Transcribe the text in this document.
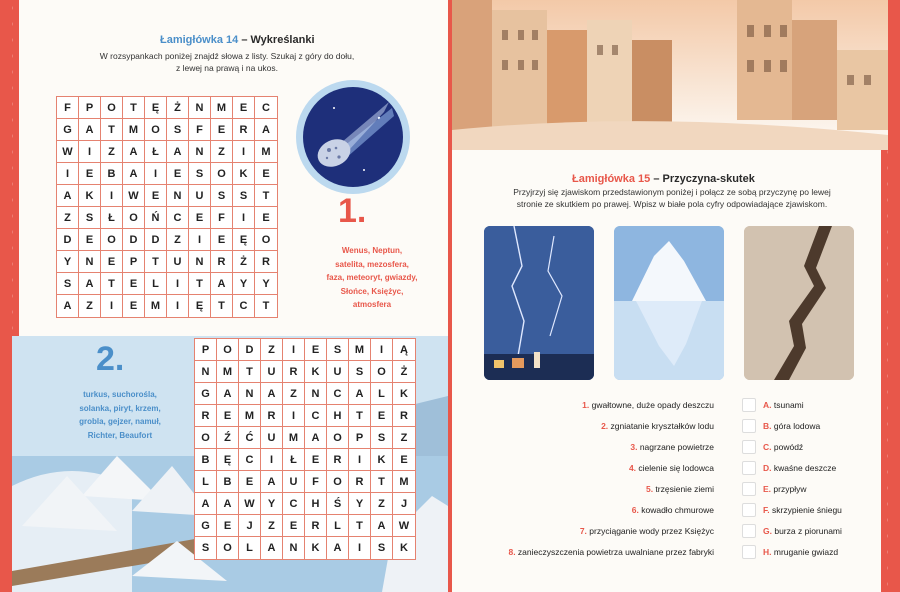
Łamigłówka 14 – Wykreślanki
W rozsypankach poniżej znajdź słowa z listy. Szukaj z góry do dołu,
z lewej na prawą i na ukos.
F	P	O	T	Ę	Ż	N	M	E	C
G	A	T	M	O	S	F	E	R	A
W	I	Z	A	Ł	A	N	Z	I	M
I	E	B	A	I	E	S	O	K	E
A	K	I	W	E	N	U	S	S	T
Z	S	Ł	O	Ń	C	E	F	I	E
D	E	O	D	D	Z	I	E	Ę	O
Y	N	E	P	T	U	N	R	Ż	R
S	A	T	E	L	I	T	A	Y	Y
A	Z	I	E	M	I	Ę	T	C	T
1.
Wenus, Neptun,
satelita, mezosfera,
faza, meteoryt, gwiazdy,
Słońce, Księżyc,
atmosfera
2.
turkus, suchorośla,
solanka, piryt, krzem,
grobla, gejzer, namuł,
Richter, Beaufort
P	O	D	Z	I	E	S	M	I	Ą
N	M	T	U	R	K	U	S	O	Ż
G	A	N	A	Z	N	C	A	L	K
R	E	M	R	I	C	H	T	E	R
O	Ź	Ć	U	M	A	O	P	S	Z
B	Ę	C	I	Ł	E	R	I	K	E
L	B	E	A	U	F	O	R	T	M
A	A	W	Y	C	H	Ś	Y	Z	J
G	E	J	Z	E	R	L	T	A	W
S	O	L	A	N	K	A	I	S	K
Łamigłówka 15 – Przyczyna-skutek
Przyjrzyj się zjawiskom przedstawionym poniżej i połącz ze sobą przyczynę po lewej
stronie ze skutkiem po prawej. Wpisz w białe pola cyfry odpowiadające zjawiskom.
1. gwałtowne, duże opady deszczu
2. zgniatanie kryształków lodu
3. nagrzane powietrze
4. cielenie się lodowca
5. trzęsienie ziemi
6. kowadło chmurowe
7. przyciąganie wody przez Księżyc
8. zanieczyszczenia powietrza uwalniane przez fabryki
A. tsunami
B. góra lodowa
C. powódź
D. kwaśne deszcze
E. przypływ
F. skrzypienie śniegu
G. burza z piorunami
H. mruganie gwiazd
